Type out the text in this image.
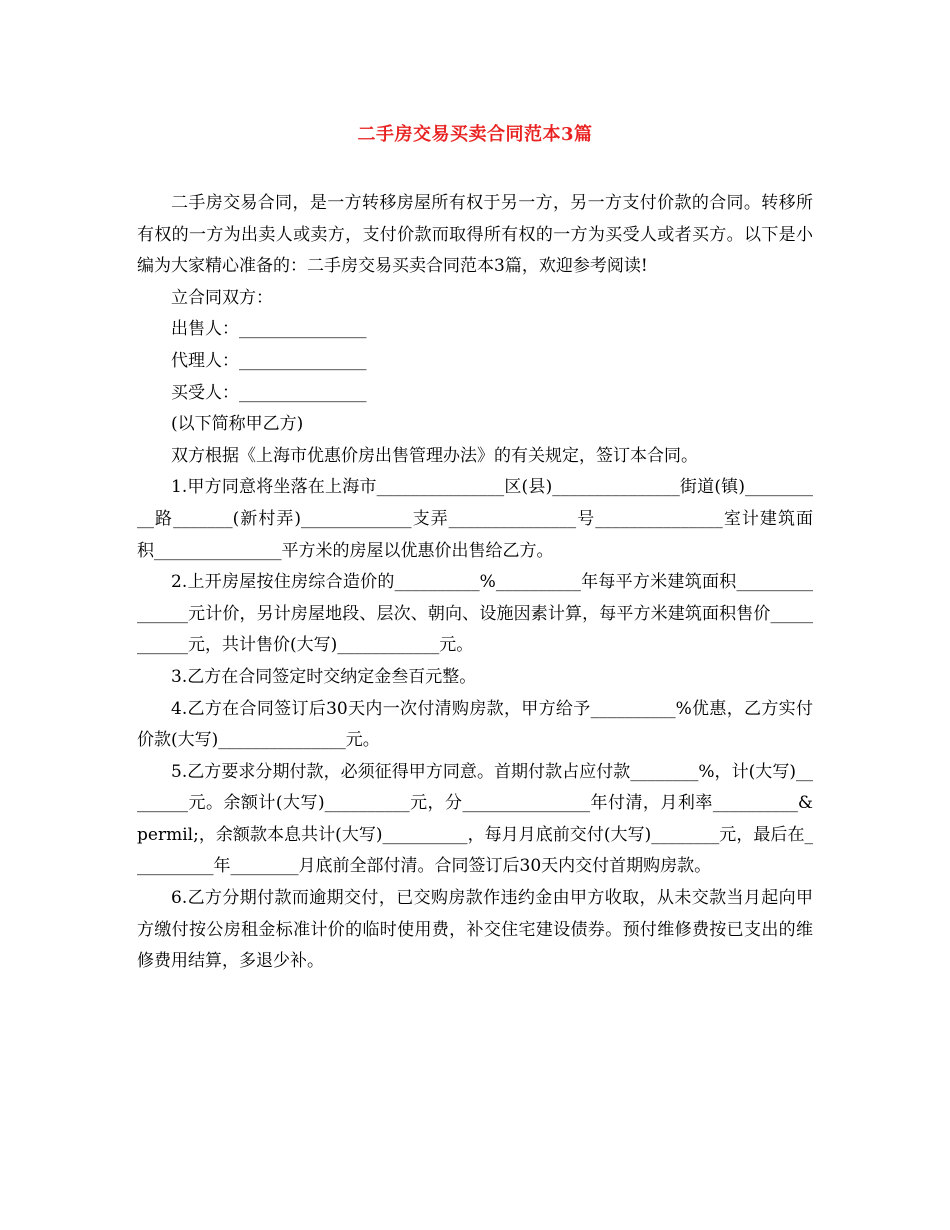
二手房交易买卖合同范本3篇

二手房交易合同，是一方转移房屋所有权于另一方，另一方支付价款的合同。转移所有权的一方为出卖人或卖方，支付价款而取得所有权的一方为买受人或者买方。以下是小编为大家精心准备的：二手房交易买卖合同范本3篇，欢迎参考阅读!

立合同双方：

出售人：_______________

代理人：_______________

买受人：_______________

(以下简称甲乙方)

双方根据《上海市优惠价房出售管理办法》的有关规定，签订本合同。

1.甲方同意将坐落在上海市_______________区(县)_______________街道(镇)__________路_______(新村弄)_____________支弄_______________号_______________室计建筑面积_______________平方米的房屋以优惠价出售给乙方。

2.上开房屋按住房综合造价的__________%__________年每平方米建筑面积_______________元计价，另计房屋地段、层次、朝向、设施因素计算，每平方米建筑面积售价___________元，共计售价(大写)____________元。

3.乙方在合同签定时交纳定金叁百元整。

4.乙方在合同签订后30天内一次付清购房款，甲方给予__________%优惠，乙方实付价款(大写)_______________元。

5.乙方要求分期付款，必须征得甲方同意。首期付款占应付款________%，计(大写)________元。余额计(大写)__________元，分_______________年付清，月利率__________&permil;，余额款本息共计(大写)__________，每月月底前交付(大写)________元，最后在__________年________月底前全部付清。合同签订后30天内交付首期购房款。

6.乙方分期付款而逾期交付，已交购房款作违约金由甲方收取，从未交款当月起向甲方缴付按公房租金标准计价的临时使用费，补交住宅建设债券。预付维修费按已支出的维修费用结算，多退少补。
